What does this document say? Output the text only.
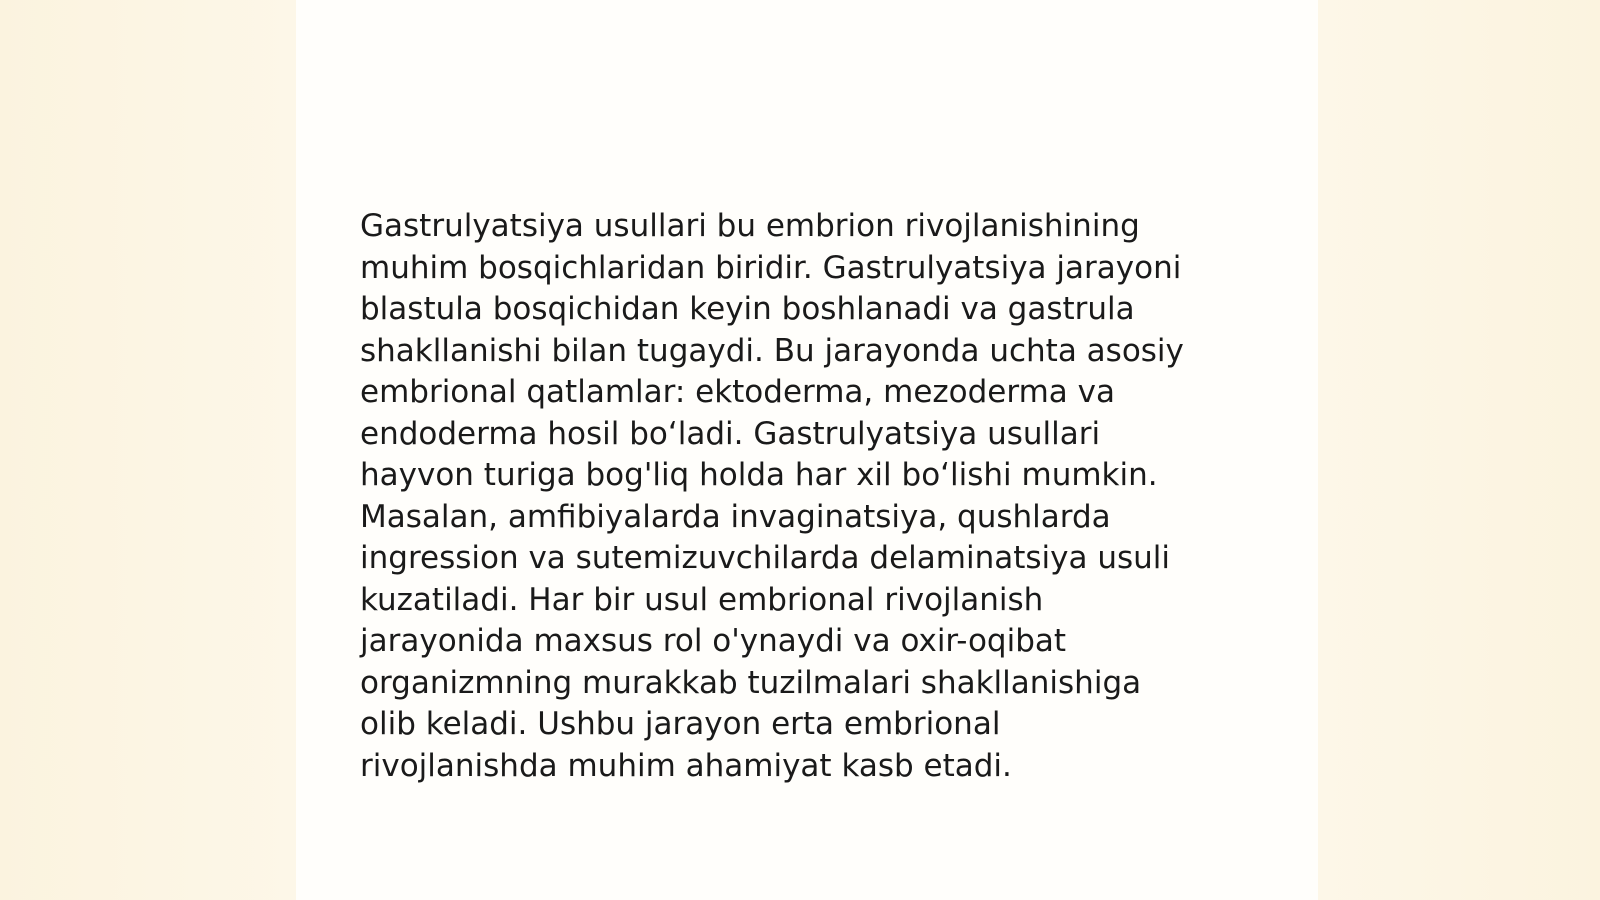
Gastrulyatsiya usullari bu embrion rivojlanishining
muhim bosqichlaridan biridir. Gastrulyatsiya jarayoni
blastula bosqichidan keyin boshlanadi va gastrula
shakllanishi bilan tugaydi. Bu jarayonda uchta asosiy
embrional qatlamlar: ektoderma, mezoderma va
endoderma hosil bo‘ladi. Gastrulyatsiya usullari
hayvon turiga bog'liq holda har xil bo‘lishi mumkin.
Masalan, amfibiyalarda invaginatsiya, qushlarda
ingression va sutemizuvchilarda delaminatsiya usuli
kuzatiladi. Har bir usul embrional rivojlanish
jarayonida maxsus rol o'ynaydi va oxir-oqibat
organizmning murakkab tuzilmalari shakllanishiga
olib keladi. Ushbu jarayon erta embrional
rivojlanishda muhim ahamiyat kasb etadi.
